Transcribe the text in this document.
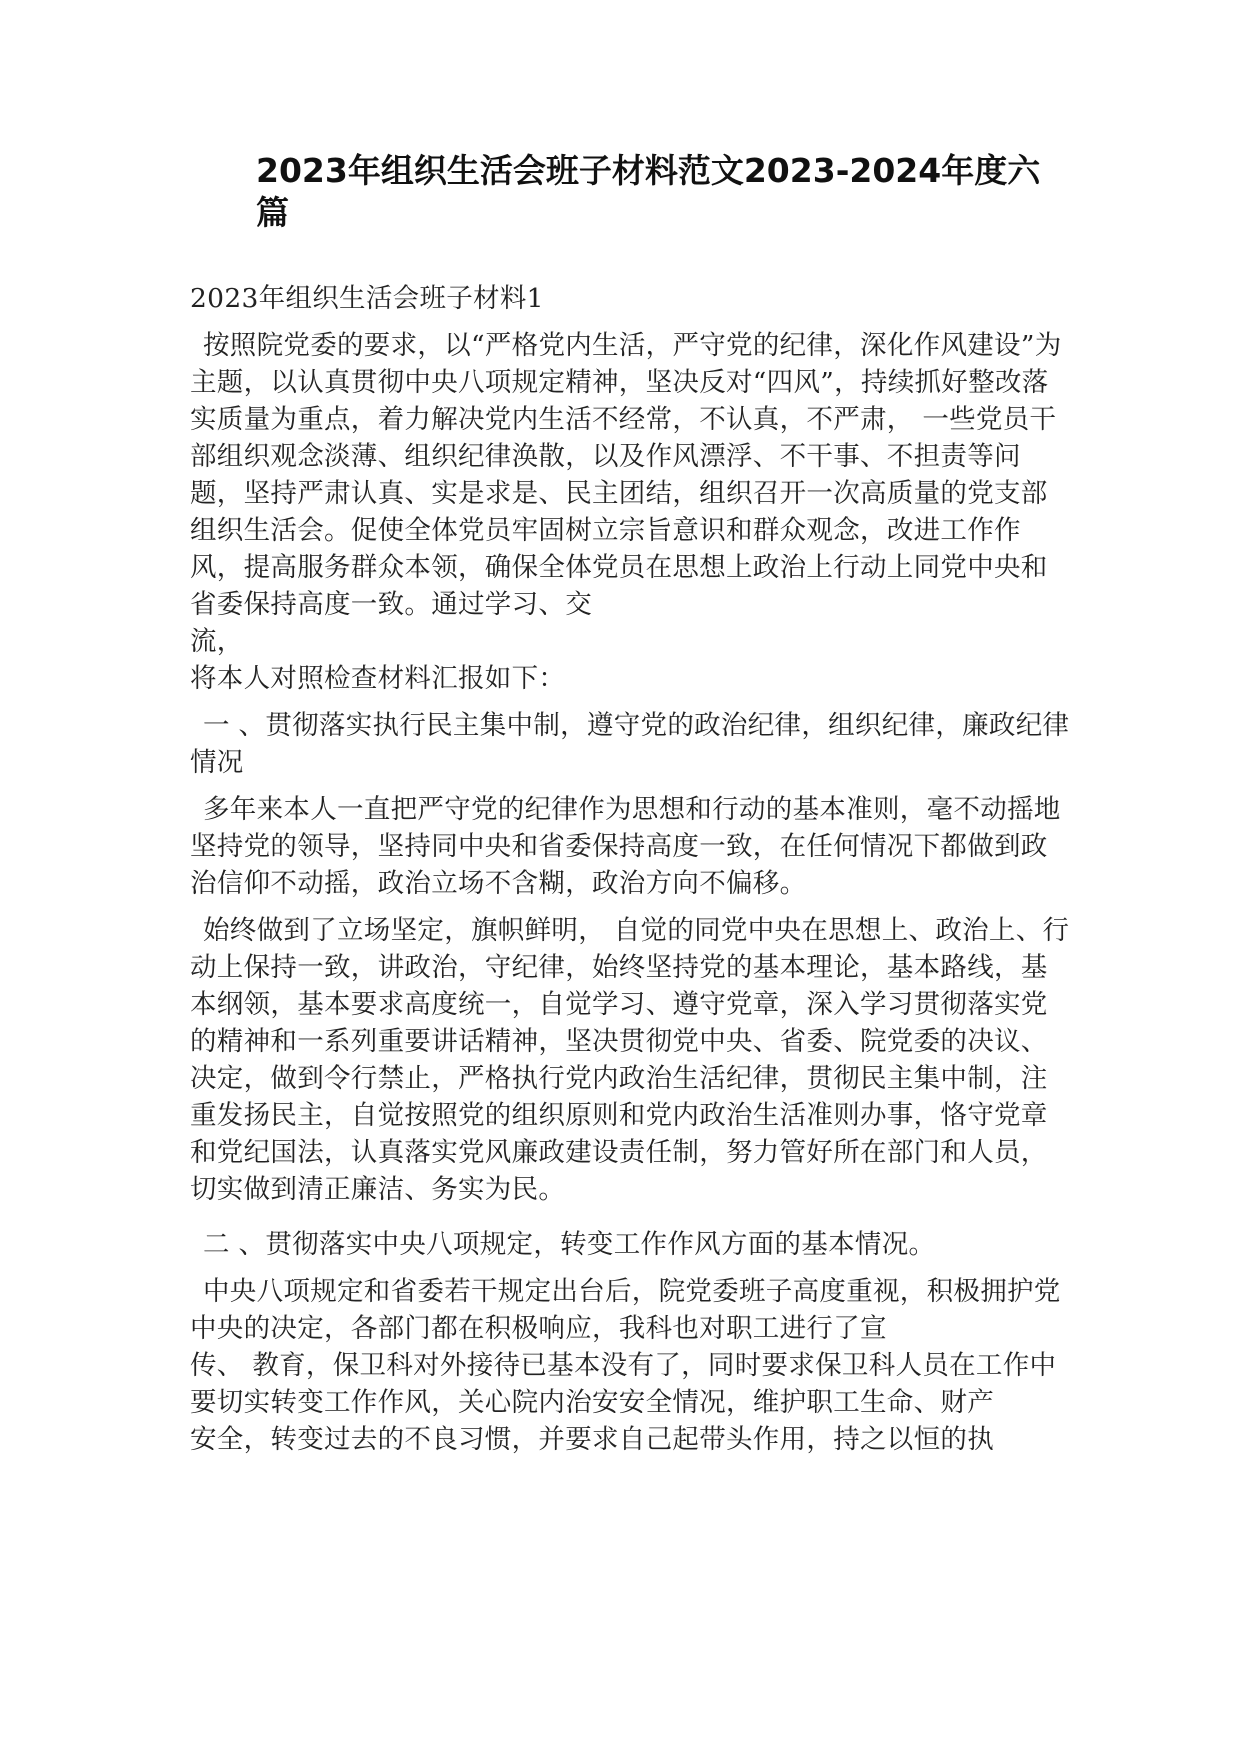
2023年组织生活会班子材料范文2023-2024年度六篇

2023年组织生活会班子材料1

按照院党委的要求，以“严格党内生活，严守党的纪律，深化作风建设”为主题，以认真贯彻中央八项规定精神，坚决反对“四风”，持续抓好整改落实质量为重点，着力解决党内生活不经常，不认真，不严肃， 一些党员干部组织观念淡薄、组织纪律涣散，以及作风漂浮、不干事、不担责等问题，坚持严肃认真、实是求是、民主团结，组织召开一次高质量的党支部组织生活会。促使全体党员牢固树立宗旨意识和群众观念，改进工作作风，提高服务群众本领，确保全体党员在思想上政治上行动上同党中央和省委保持高度一致。通过学习、交

流，

将本人对照检查材料汇报如下：

一 、贯彻落实执行民主集中制，遵守党的政治纪律，组织纪律，廉政纪律情况

多年来本人一直把严守党的纪律作为思想和行动的基本准则，毫不动摇地坚持党的领导，坚持同中央和省委保持高度一致，在任何情况下都做到政治信仰不动摇，政治立场不含糊，政治方向不偏移。

始终做到了立场坚定，旗帜鲜明， 自觉的同党中央在思想上、政治上、行动上保持一致，讲政治，守纪律，始终坚持党的基本理论，基本路线，基本纲领，基本要求高度统一，自觉学习、遵守党章，深入学习贯彻落实党的精神和一系列重要讲话精神，坚决贯彻党中央、省委、院党委的决议、决定，做到令行禁止，严格执行党内政治生活纪律，贯彻民主集中制，注重发扬民主，自觉按照党的组织原则和党内政治生活准则办事，恪守党章和党纪国法，认真落实党风廉政建设责任制，努力管好所在部门和人员，切实做到清正廉洁、务实为民。

二 、贯彻落实中央八项规定，转变工作作风方面的基本情况。

中央八项规定和省委若干规定出台后，院党委班子高度重视，积极拥护党中央的决定，各部门都在积极响应，我科也对职工进行了宣

传、 教育，保卫科对外接待已基本没有了，同时要求保卫科人员在工作中 要切实转变工作作风，关心院内治安安全情况，维护职工生命、财产

安全，转变过去的不良习惯，并要求自己起带头作用，持之以恒的执
